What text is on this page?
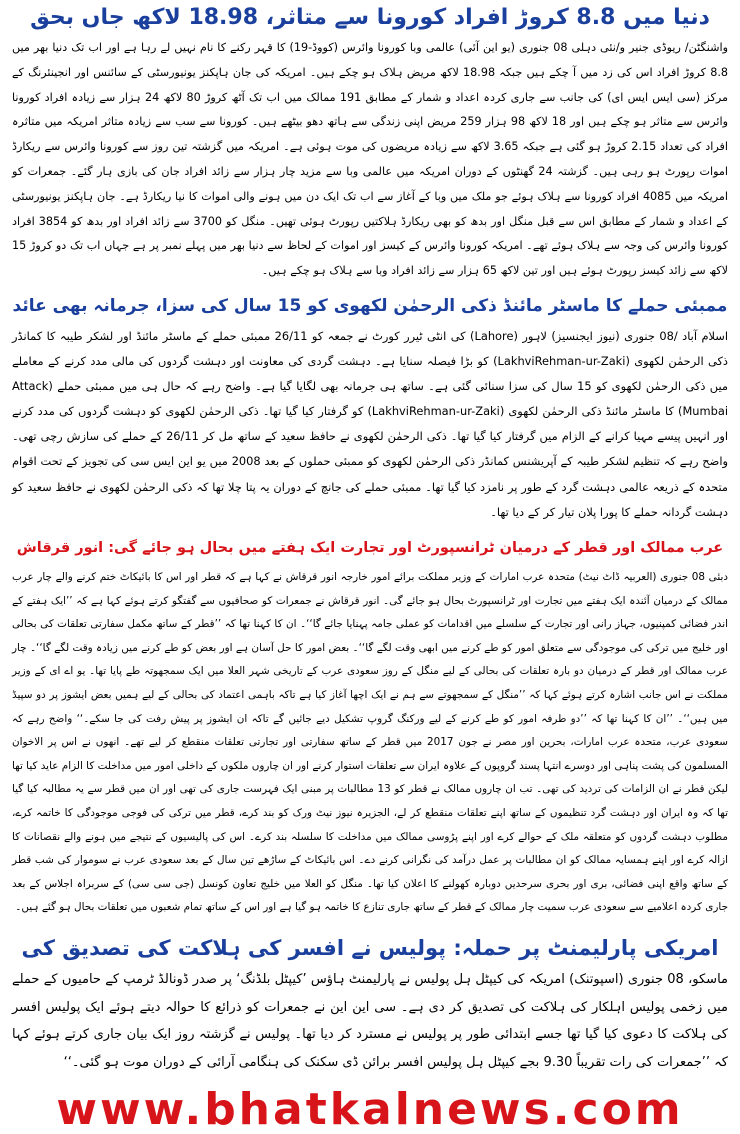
دنیا میں 8.8 کروڑ افراد کورونا سے متاثر، 18.98 لاکھ جاں بحق

واشنگٹن/ ریوڈی جنیر و/نئی دہلی 08 جنوری (یو این آئی) عالمی وبا کورونا وائرس (کووڈ-19) کا قہر رکنے کا نام نہیں لے رہا ہے اور اب تک دنیا بھر میں 8.8 کروڑ افراد اس کی زد میں آ چکے ہیں جبکہ 18.98 لاکھ مریض ہلاک ہو چکے ہیں۔ امریکہ کی جان ہاپکنز یونیورسٹی کے سائنس اور انجینئرنگ کے مرکز (سی ایس ایس ای) کی جانب سے جاری کردہ اعداد و شمار کے مطابق 191 ممالک میں اب تک آٹھ کروڑ 80 لاکھ 24 ہزار سے زیادہ افراد کورونا وائرس سے متاثر ہو چکے ہیں اور 18 لاکھ 98 ہزار 259 مریض اپنی زندگی سے ہاتھ دھو بیٹھے ہیں۔ کورونا سے سب سے زیادہ متاثر امریکہ میں متاثرہ افراد کی تعداد 2.15 کروڑ ہو گئی ہے جبکہ 3.65 لاکھ سے زیادہ مریضوں کی موت ہوئی ہے۔ امریکہ میں گزشتہ تین روز سے کورونا وائرس سے ریکارڈ اموات رپورٹ ہو رہی ہیں۔ گزشتہ 24 گھنٹوں کے دوران امریکہ میں عالمی وبا سے مزید چار ہزار سے زائد افراد جان کی بازی ہار گئے۔ جمعرات کو امریکہ میں 4085 افراد کورونا سے ہلاک ہوئے جو ملک میں وبا کے آغاز سے اب تک ایک دن میں ہونے والی اموات کا نیا ریکارڈ ہے۔ جان ہاپکنز یونیورسٹی کے اعداد و شمار کے مطابق اس سے قبل منگل اور بدھ کو بھی ریکارڈ ہلاکتیں رپورٹ ہوئی تھیں۔ منگل کو 3700 سے زائد افراد اور بدھ کو 3854 افراد کورونا وائرس کی وجہ سے ہلاک ہوئے تھے۔ امریکہ کورونا وائرس کے کیسز اور اموات کے لحاظ سے دنیا بھر میں پہلے نمبر پر ہے جہاں اب تک دو کروڑ 15 لاکھ سے زائد کیسز رپورٹ ہوئے ہیں اور تین لاکھ 65 ہزار سے زائد افراد وبا سے ہلاک ہو چکے ہیں۔

ممبئی حملے کا ماسٹر مائنڈ ذکی الرحمٰن لکھوی کو 15 سال کی سزا، جرمانہ بھی عائد

اسلام آباد /08 جنوری (نیوز ایجنسیز) لاہور (Lahore) کی انٹی ٹیرر کورٹ نے جمعہ کو 26/11 ممبئی حملے کے ماسٹر مائنڈ اور لشکر طیبہ کا کمانڈر ذکی الرحمٰن لکھوی (LakhviRehman-ur-Zaki) کو بڑا فیصلہ سنایا ہے۔ دہشت گردی کی معاونت اور دہشت گردوں کی مالی مدد کرنے کے معاملے میں ذکی الرحمٰن لکھوی کو 15 سال کی سزا سنائی گئی ہے۔ ساتھ ہی جرمانہ بھی لگایا گیا ہے۔ واضح رہے کہ حال ہی میں ممبئی حملے (Attack Mumbai) کا ماسٹر مائنڈ ذکی الرحمٰن لکھوی (LakhviRehman-ur-Zaki) کو گرفتار کیا گیا تھا۔ ذکی الرحمٰن لکھوی کو دہشت گردوں کی مدد کرنے اور انہیں پیسے مہیا کرانے کے الزام میں گرفتار کیا گیا تھا۔ ذکی الرحمٰن لکھوی نے حافظ سعید کے ساتھ مل کر 26/11 کے حملے کی سازش رچی تھی۔ واضح رہے کہ تنظیم لشکر طیبہ کے آپریشنس کمانڈر ذکی الرحمٰن لکھوی کو ممبئی حملوں کے بعد 2008 میں یو این ایس سی کی تجویز کے تحت اقوام متحدہ کے ذریعہ عالمی دہشت گرد کے طور پر نامزد کیا گیا تھا۔ ممبئی حملے کی جانچ کے دوران یہ پتا چلا تھا کہ ذکی الرحمٰن لکھوی نے حافظ سعید کو دہشت گردانہ حملے کا پورا پلان تیار کر کے دیا تھا۔

عرب ممالک اور قطر کے درمیان ٹرانسپورٹ اور تجارت ایک ہفتے میں بحال ہو جائے گی: انور قرقاش

دبئی 08 جنوری (العربیہ ڈاٹ نیٹ) متحدہ عرب امارات کے وزیر مملکت برائے امور خارجہ انور قرقاش نے کہا ہے کہ قطر اور اس کا بائیکاٹ ختم کرنے والے چار عرب ممالک کے درمیان آئندہ ایک ہفتے میں تجارت اور ٹرانسپورٹ بحال ہو جائے گی۔ انور قرقاش نے جمعرات کو صحافیوں سے گفتگو کرتے ہوئے کہا ہے کہ ’’ایک ہفتے کے اندر فضائی کمپنیوں، جہاز رانی اور تجارت کے سلسلے میں اقدامات کو عملی جامہ پہنایا جائے گا‘‘۔ ان کا کہنا تھا کہ ’’قطر کے ساتھ مکمل سفارتی تعلقات کی بحالی اور خلیج میں ترکی کی موجودگی سے متعلق امور کو طے کرنے میں ابھی وقت لگے گا‘‘۔ بعض امور کا حل آسان ہے اور بعض کو طے کرنے میں زیادہ وقت لگے گا‘‘۔ چار عرب ممالک اور قطر کے درمیان دو بارہ تعلقات کی بحالی کے لیے منگل کے روز سعودی عرب کے تاریخی شہر العلا میں ایک سمجھوتہ طے پایا تھا۔ یو اے ای کے وزیر مملکت نے اس جانب اشارہ کرتے ہوئے کہا کہ ’’منگل کے سمجھوتے سے ہم نے ایک اچھا آغاز کیا ہے تاکہ باہمی اعتماد کی بحالی کے لیے ہمیں بعض ایشوز پر دو سپیڈ میں ہیں‘‘۔ ’’ان کا کہنا تھا کہ ’’دو طرفہ امور کو طے کرنے کے لیے ورکنگ گروپ تشکیل دیے جائیں گے تاکہ ان ایشوز پر پیش رفت کی جا سکے۔‘‘ واضح رہے کہ سعودی عرب، متحدہ عرب امارات، بحرین اور مصر نے جون 2017 میں قطر کے ساتھ سفارتی اور تجارتی تعلقات منقطع کر لیے تھے۔ انھوں نے اس پر الاخوان المسلمون کی پشت پناہی اور دوسرے انتہا پسند گروپوں کے علاوہ ایران سے تعلقات استوار کرنے اور ان چاروں ملکوں کے داخلی امور میں مداخلت کا الزام عاید کیا تھا لیکن قطر نے ان الزامات کی تردید کی تھی۔ تب ان چاروں ممالک نے قطر کو 13 مطالبات پر مبنی ایک فہرست جاری کی تھی اور ان میں قطر سے یہ مطالبہ کیا گیا تھا کہ وہ ایران اور دہشت گرد تنظیموں کے ساتھ اپنے تعلقات منقطع کر لے، الجزیرہ نیوز نیٹ ورک کو بند کرے، قطر میں ترکی کی فوجی موجودگی کا خاتمہ کرے، مطلوب دہشت گردوں کو متعلقہ ملک کے حوالے کرے اور اپنے پڑوسی ممالک میں مداخلت کا سلسلہ بند کرے۔ اس کی پالیسیوں کے نتیجے میں ہونے والے نقصانات کا ازالہ کرے اور اپنے ہمسایہ ممالک کو ان مطالبات پر عمل درآمد کی نگرانی کرنے دے۔ اس بائیکاٹ کے ساڑھے تین سال کے بعد سعودی عرب نے سوموار کی شب قطر کے ساتھ واقع اپنی فضائی، بری اور بحری سرحدیں دوبارہ کھولنے کا اعلان کیا تھا۔ منگل کو العلا میں خلیج تعاون کونسل (جی سی سی) کے سربراہ اجلاس کے بعد جاری کردہ اعلامیے سے سعودی عرب سمیت چار ممالک کے قطر کے ساتھ جاری تنازع کا خاتمہ ہو گیا ہے اور اس کے ساتھ تمام شعبوں میں تعلقات بحال ہو گئے ہیں۔

امریکی پارلیمنٹ پر حملہ: پولیس نے افسر کی ہلاکت کی تصدیق کی

ماسکو، 08 جنوری (اسپوتنک) امریکہ کی کیپٹل ہل پولیس نے پارلیمنٹ ہاؤس ’کیپٹل بلڈنگ‘ پر صدر ڈونالڈ ٹرمپ کے حامیوں کے حملے میں زخمی پولیس اہلکار کی ہلاکت کی تصدیق کر دی ہے۔ سی این این نے جمعرات کو ذرائع کا حوالہ دیتے ہوئے ایک پولیس افسر کی ہلاکت کا دعوی کیا گیا تھا جسے ابتدائی طور پر پولیس نے مسترد کر دیا تھا۔ پولیس نے گزشتہ روز ایک بیان جاری کرتے ہوئے کہا کہ ’’جمعرات کی رات تقریباً 9.30 بجے کیپٹل ہل پولیس افسر برائن ڈی سکنک کی ہنگامی آرائی کے دوران موت ہو گئی۔‘‘

www.bhatkalnews.com
